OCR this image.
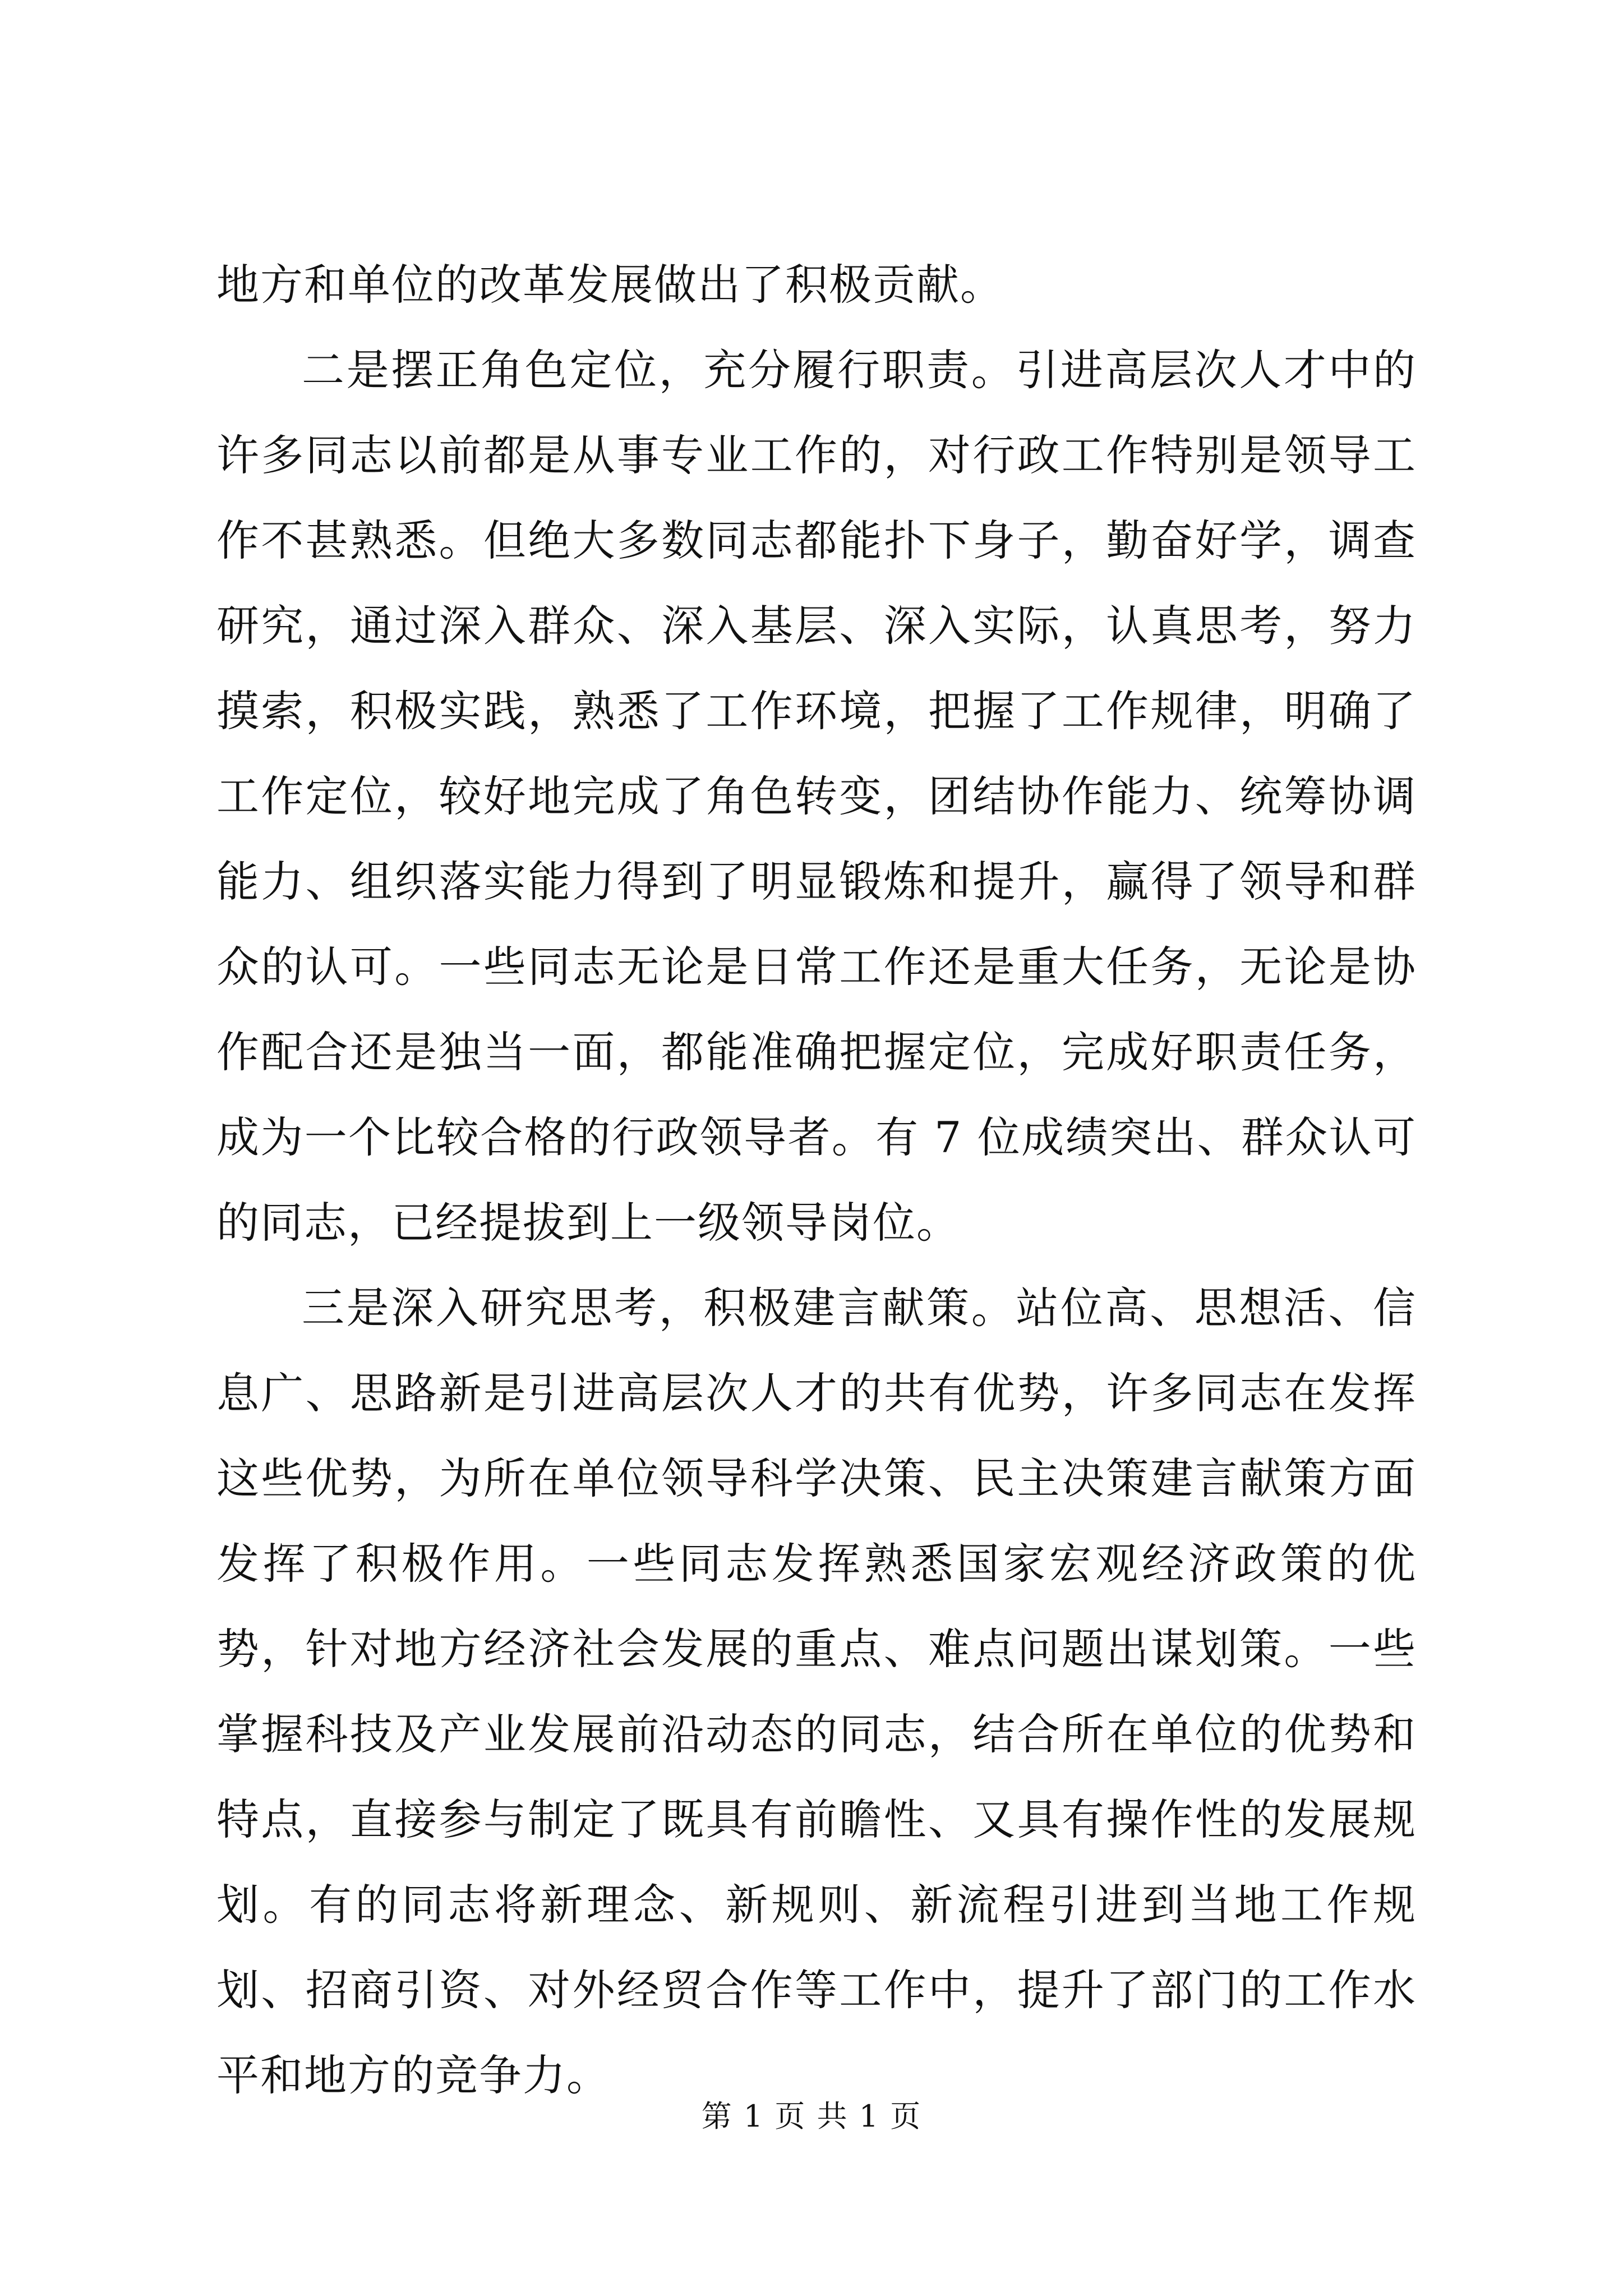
地方和单位的改革发展做出了积极贡献。

二是摆正角色定位，充分履行职责。引进高层次人才中的许多同志以前都是从事专业工作的，对行政工作特别是领导工作不甚熟悉。但绝大多数同志都能扑下身子，勤奋好学，调查研究，通过深入群众、深入基层、深入实际，认真思考，努力摸索，积极实践，熟悉了工作环境，把握了工作规律，明确了工作定位，较好地完成了角色转变，团结协作能力、统筹协调能力、组织落实能力得到了明显锻炼和提升，赢得了领导和群众的认可。一些同志无论是日常工作还是重大任务，无论是协作配合还是独当一面，都能准确把握定位，完成好职责任务，成为一个比较合格的行政领导者。有 7 位成绩突出、群众认可的同志，已经提拔到上一级领导岗位。

三是深入研究思考，积极建言献策。站位高、思想活、信息广、思路新是引进高层次人才的共有优势，许多同志在发挥这些优势，为所在单位领导科学决策、民主决策建言献策方面发挥了积极作用。一些同志发挥熟悉国家宏观经济政策的优势，针对地方经济社会发展的重点、难点问题出谋划策。一些掌握科技及产业发展前沿动态的同志，结合所在单位的优势和特点，直接参与制定了既具有前瞻性、又具有操作性的发展规划。有的同志将新理念、新规则、新流程引进到当地工作规划、招商引资、对外经贸合作等工作中，提升了部门的工作水平和地方的竞争力。

第 1 页 共 1 页
